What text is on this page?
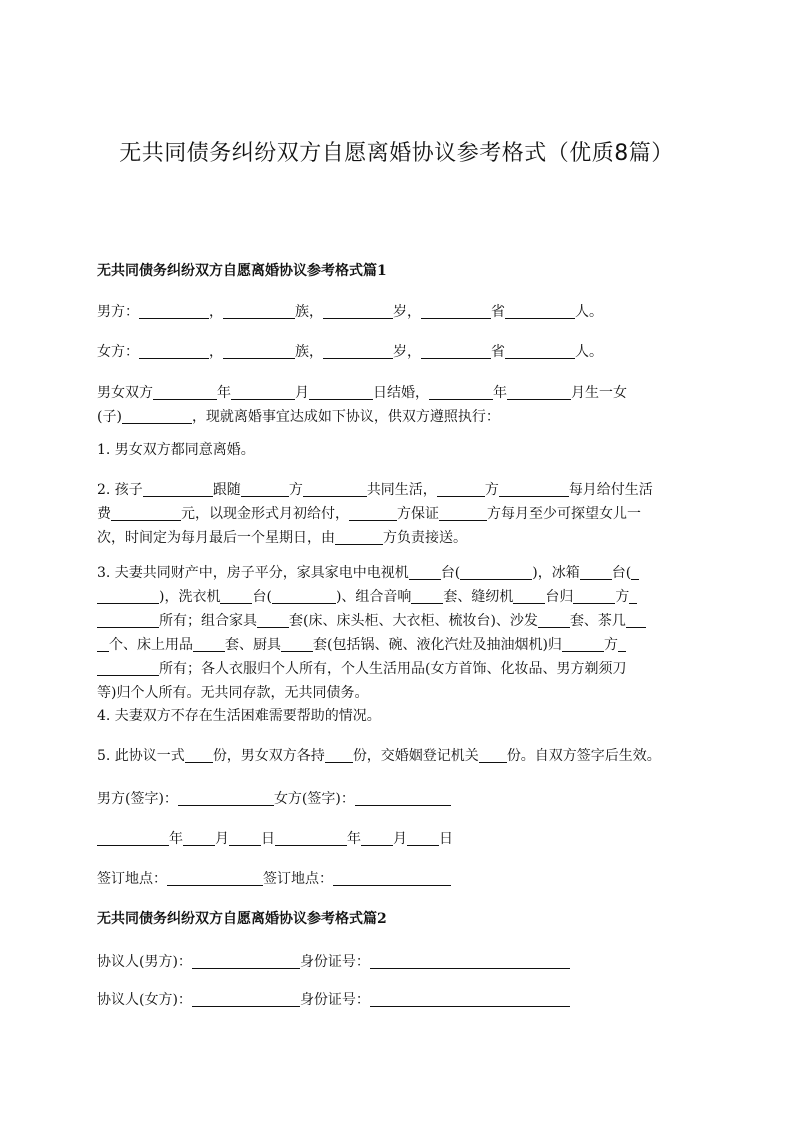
无共同债务纠纷双方自愿离婚协议参考格式（优质8篇）
无共同债务纠纷双方自愿离婚协议参考格式篇1
男方：	，	族，	岁，	省	人。
女方：	，	族，	岁，	省	人。
男女双方	年	月	日结婚，	年	月生一女
(子)	，现就离婚事宜达成如下协议，供双方遵照执行：
1. 男女双方都同意离婚。
2. 孩子	跟随	方	共同生活，	方	每月给付生活
费	元，以现金形式月初给付，	方保证	方每月至少可探望女儿一
次，时间定为每月最后一个星期日，由	方负责接送。
3. 夫妻共同财产中，房子平分，家具家电中电视机 台(	)，冰箱 台(
)，洗衣机 台(	)、组合音响 套、缝纫机 台归	方
所有；组合家具 套(床、床头柜、大衣柜、梳妆台)、沙发 套、茶几
个、床上用品 套、厨具 套(包括锅、碗、液化汽灶及抽油烟机)归	方
所有；各人衣服归个人所有，个人生活用品(女方首饰、化妆品、男方剃须刀
等)归个人所有。无共同存款，无共同债务。
4. 夫妻双方不存在生活困难需要帮助的情况。
5. 此协议一式 份，男女双方各持 份，交婚姻登记机关 份。自双方签字后生效。
男方(签字)：	女方(签字)：
年 月 日	年 月 日
签订地点：	签订地点：
无共同债务纠纷双方自愿离婚协议参考格式篇2
协议人(男方)：	身份证号：
协议人(女方)：	身份证号：
